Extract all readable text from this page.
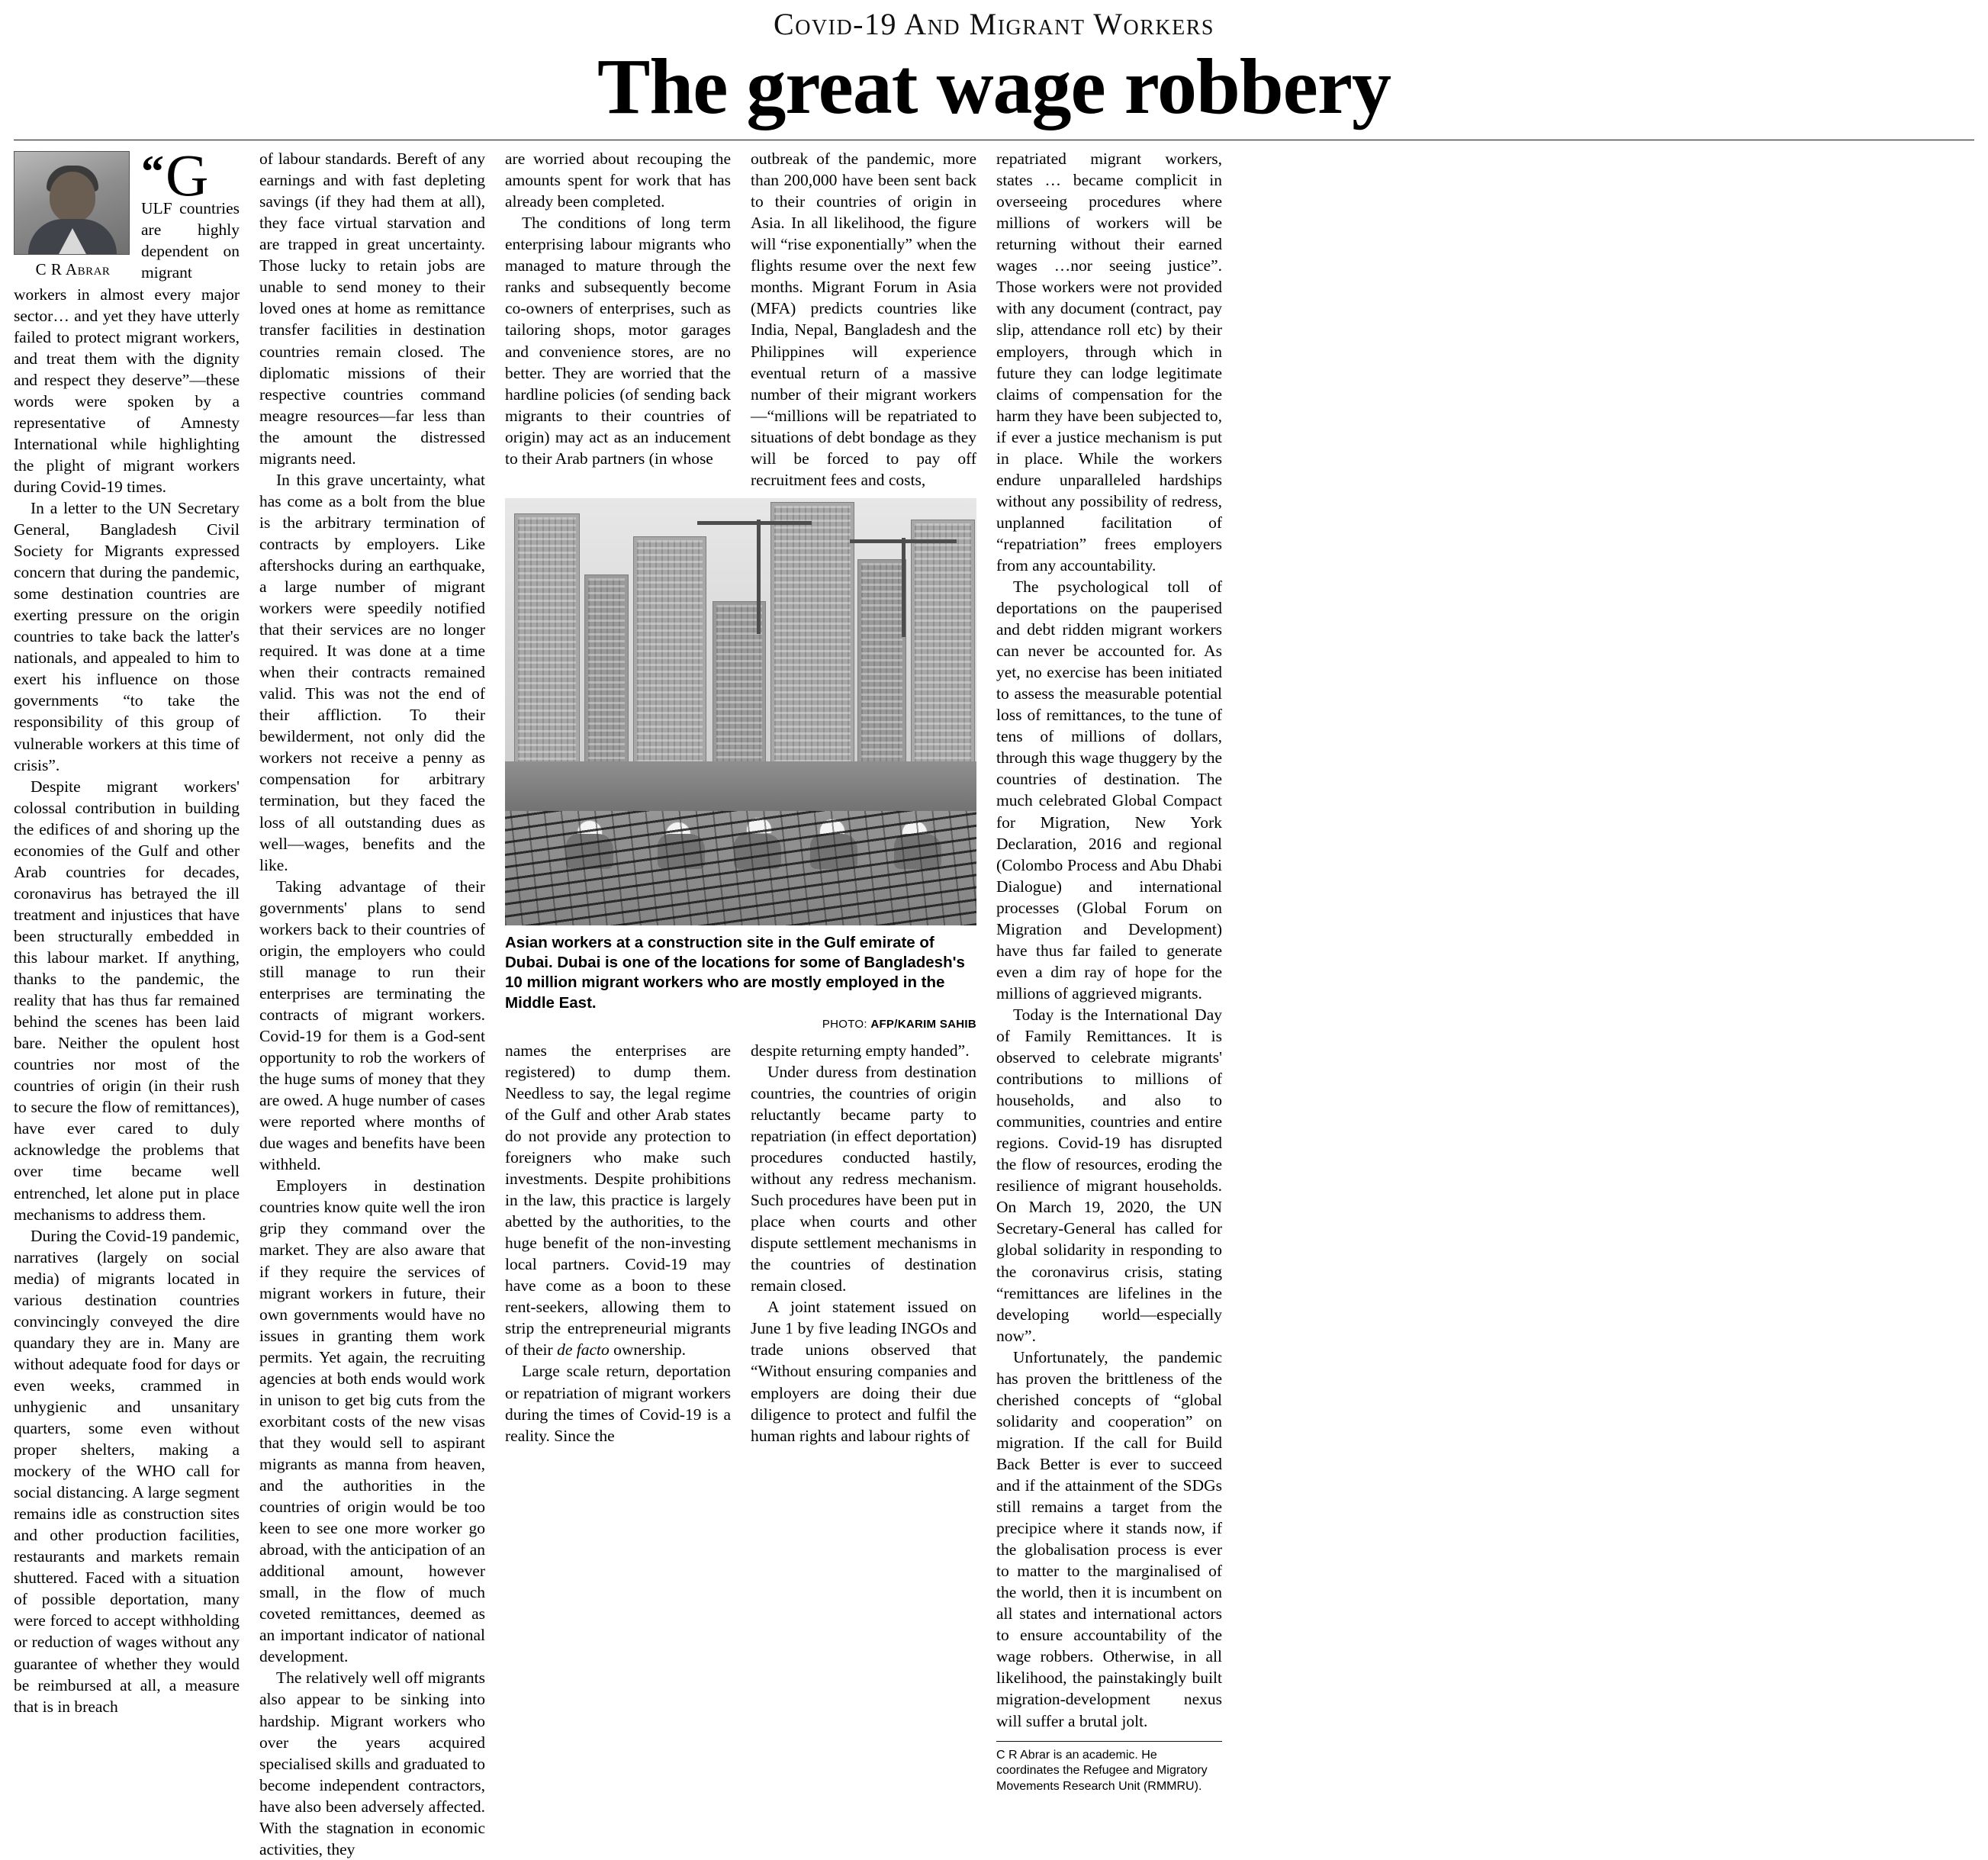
Covid-19 And Migrant Workers
The great wage robbery
C R Abrar

“ G
ULF countries are highly dependent on migrant workers in almost every major sector… and yet they have utterly failed to protect migrant workers, and treat them with the dignity and respect they deserve”—these words were spoken by a representative of Amnesty International while highlighting the plight of migrant workers during Covid-19 times.

In a letter to the UN Secretary General, Bangladesh Civil Society for Migrants expressed concern that during the pandemic, some destination countries are exerting pressure on the origin countries to take back the latter's nationals, and appealed to him to exert his influence on those governments “to take the responsibility of this group of vulnerable workers at this time of crisis”.

Despite migrant workers' colossal contribution in building the edifices of and shoring up the economies of the Gulf and other Arab countries for decades, coronavirus has betrayed the ill treatment and injustices that have been structurally embedded in this labour market. If anything, thanks to the pandemic, the reality that has thus far remained behind the scenes has been laid bare. Neither the opulent host countries nor most of the countries of origin (in their rush to secure the flow of remittances), have ever cared to duly acknowledge the problems that over time became well entrenched, let alone put in place mechanisms to address them.

During the Covid-19 pandemic, narratives (largely on social media) of migrants located in various destination countries convincingly conveyed the dire quandary they are in. Many are without adequate food for days or even weeks, crammed in unhygienic and unsanitary quarters, some even without proper shelters, making a mockery of the WHO call for social distancing. A large segment remains idle as construction sites and other production facilities, restaurants and markets remain shuttered. Faced with a situation of possible deportation, many were forced to accept withholding or reduction of wages without any guarantee of whether they would be reimbursed at all, a measure that is in breach

of labour standards. Bereft of any earnings and with fast depleting savings (if they had them at all), they face virtual starvation and are trapped in great uncertainty. Those lucky to retain jobs are unable to send money to their loved ones at home as remittance transfer facilities in destination countries remain closed. The diplomatic missions of their respective countries command meagre resources—far less than the amount the distressed migrants need.

In this grave uncertainty, what has come as a bolt from the blue is the arbitrary termination of contracts by employers. Like aftershocks during an earthquake, a large number of migrant workers were speedily notified that their services are no longer required. It was done at a time when their contracts remained valid. This was not the end of their affliction. To their bewilderment, not only did the workers not receive a penny as compensation for arbitrary termination, but they faced the loss of all outstanding dues as well—wages, benefits and the like.

Taking advantage of their governments' plans to send workers back to their countries of origin, the employers who could still manage to run their enterprises are terminating the contracts of migrant workers. Covid-19 for them is a God-sent opportunity to rob the workers of the huge sums of money that they are owed. A huge number of cases were reported where months of due wages and benefits have been withheld.

Employers in destination countries know quite well the iron grip they command over the market. They are also aware that if they require the services of migrant workers in future, their own governments would have no issues in granting them work permits. Yet again, the recruiting agencies at both ends would work in unison to get big cuts from the exorbitant costs of the new visas that they would sell to aspirant migrants as manna from heaven, and the authorities in the countries of origin would be too keen to see one more worker go abroad, with the anticipation of an additional amount, however small, in the flow of much coveted remittances, deemed as an important indicator of national development.

The relatively well off migrants also appear to be sinking into hardship. Migrant workers who over the years acquired specialised skills and graduated to become independent contractors, have also been adversely affected. With the stagnation in economic activities, they

are worried about recouping the amounts spent for work that has already been completed.

The conditions of long term enterprising labour migrants who managed to mature through the ranks and subsequently become co-owners of enterprises, such as tailoring shops, motor garages and convenience stores, are no better. They are worried that the hardline policies (of sending back migrants to their countries of origin) may act as an inducement to their Arab partners (in whose

outbreak of the pandemic, more than 200,000 have been sent back to their countries of origin in Asia. In all likelihood, the figure will “rise exponentially” when the flights resume over the next few months. Migrant Forum in Asia (MFA) predicts countries like India, Nepal, Bangladesh and the Philippines will experience eventual return of a massive number of their migrant workers—“millions will be repatriated to situations of debt bondage as they will be forced to pay off recruitment fees and costs,

Asian workers at a construction site in the Gulf emirate of Dubai. Dubai is one of the locations for some of Bangladesh's 10 million migrant workers who are mostly employed in the Middle East.
PHOTO: AFP/KARIM SAHIB

names the enterprises are registered) to dump them. Needless to say, the legal regime of the Gulf and other Arab states do not provide any protection to foreigners who make such investments. Despite prohibitions in the law, this practice is largely abetted by the authorities, to the huge benefit of the non-investing local partners. Covid-19 may have come as a boon to these rent-seekers, allowing them to strip the entrepreneurial migrants of their de facto ownership.

Large scale return, deportation or repatriation of migrant workers during the times of Covid-19 is a reality. Since the

despite returning empty handed”.

Under duress from destination countries, the countries of origin reluctantly became party to repatriation (in effect deportation) procedures conducted hastily, without any redress mechanism. Such procedures have been put in place when courts and other dispute settlement mechanisms in the countries of destination remain closed.

A joint statement issued on June 1 by five leading INGOs and trade unions observed that “Without ensuring companies and employers are doing their due diligence to protect and fulfil the human rights and labour rights of

repatriated migrant workers, states … became complicit in overseeing procedures where millions of workers will be returning without their earned wages …nor seeing justice”. Those workers were not provided with any document (contract, pay slip, attendance roll etc) by their employers, through which in future they can lodge legitimate claims of compensation for the harm they have been subjected to, if ever a justice mechanism is put in place. While the workers endure unparalleled hardships without any possibility of redress, unplanned facilitation of “repatriation” frees employers from any accountability.

The psychological toll of deportations on the pauperised and debt ridden migrant workers can never be accounted for. As yet, no exercise has been initiated to assess the measurable potential loss of remittances, to the tune of tens of millions of dollars, through this wage thuggery by the countries of destination. The much celebrated Global Compact for Migration, New York Declaration, 2016 and regional (Colombo Process and Abu Dhabi Dialogue) and international processes (Global Forum on Migration and Development) have thus far failed to generate even a dim ray of hope for the millions of aggrieved migrants.

Today is the International Day of Family Remittances. It is observed to celebrate migrants' contributions to millions of households, and also to communities, countries and entire regions. Covid-19 has disrupted the flow of resources, eroding the resilience of migrant households. On March 19, 2020, the UN Secretary-General has called for global solidarity in responding to the coronavirus crisis, stating “remittances are lifelines in the developing world—especially now”.

Unfortunately, the pandemic has proven the brittleness of the cherished concepts of “global solidarity and cooperation” on migration. If the call for Build Back Better is ever to succeed and if the attainment of the SDGs still remains a target from the precipice where it stands now, if the globalisation process is ever to matter to the marginalised of the world, then it is incumbent on all states and international actors to ensure accountability of the wage robbers. Otherwise, in all likelihood, the painstakingly built migration-development nexus will suffer a brutal jolt.

C R Abrar is an academic. He coordinates the Refugee and Migratory Movements Research Unit (RMMRU).
